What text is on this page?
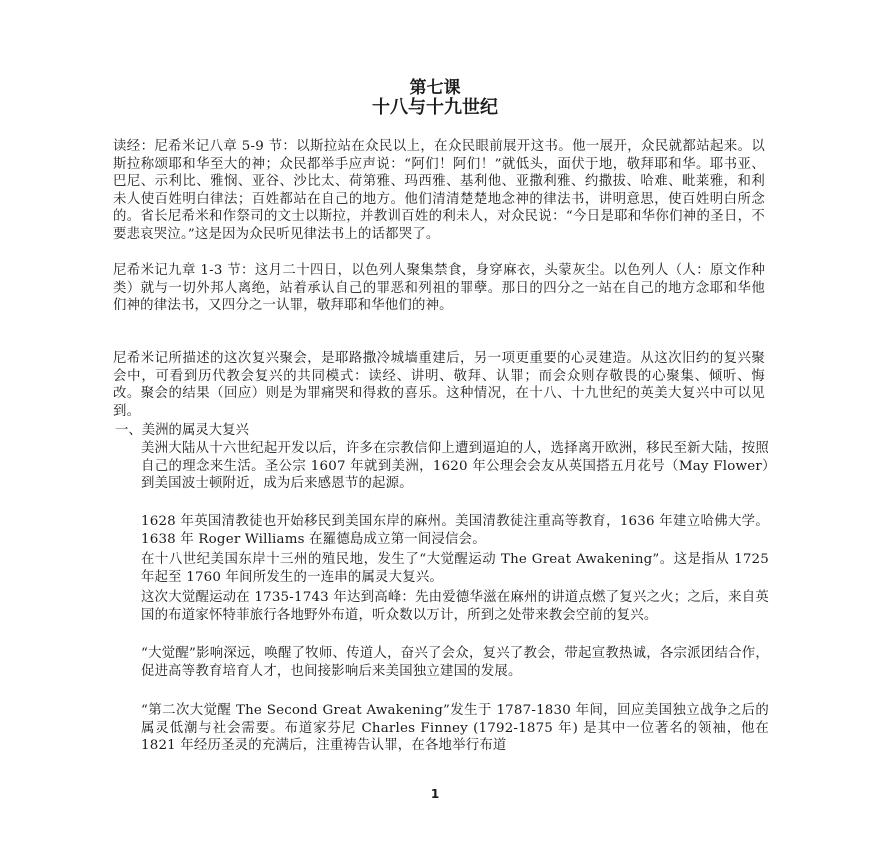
第七课
十八与十九世纪

读经：尼希米记八章 5-9 节：以斯拉站在众民以上，在众民眼前展开这书。他一展开，众民就都站起来。以斯拉称颂耶和华至大的神；众民都举手应声说：“阿们！阿们！”就低头，面伏于地，敬拜耶和华。耶书亚、巴尼、示利比、雅悯、亚谷、沙比太、荷第雅、玛西雅、基利他、亚撒利雅、约撒拔、哈难、毗莱雅，和利未人使百姓明白律法；百姓都站在自己的地方。他们清清楚楚地念神的律法书，讲明意思，使百姓明白所念的。省长尼希米和作祭司的文士以斯拉，并教训百姓的利未人，对众民说：“今日是耶和华你们神的圣日，不要悲哀哭泣。”这是因为众民听见律法书上的话都哭了。

尼希米记九章 1-3 节：这月二十四日，以色列人聚集禁食，身穿麻衣，头蒙灰尘。以色列人（人：原文作种类）就与一切外邦人离绝，站着承认自己的罪恶和列祖的罪孽。那日的四分之一站在自己的地方念耶和华他们神的律法书，又四分之一认罪，敬拜耶和华他们的神。

尼希米记所描述的这次复兴聚会，是耶路撒冷城墙重建后，另一项更重要的心灵建造。从这次旧约的复兴聚会中，可看到历代教会复兴的共同模式：读经、讲明、敬拜、认罪；而会众则存敬畏的心聚集、倾听、悔改。聚会的结果（回应）则是为罪痛哭和得救的喜乐。这种情况，在十八、十九世纪的英美大复兴中可以见到。

一、美洲的属灵大复兴

美洲大陆从十六世纪起开发以后，许多在宗教信仰上遭到逼迫的人，选择离开欧洲，移民至新大陆，按照自己的理念来生活。圣公宗 1607 年就到美洲，1620 年公理会会友从英国搭五月花号（May Flower）到美国波士顿附近，成为后来感恩节的起源。

1628 年英国清教徒也开始移民到美国东岸的麻州。美国清教徒注重高等教育，1636 年建立哈佛大学。1638 年 Roger Williams 在羅德島成立第一间浸信会。

在十八世纪美国东岸十三州的殖民地，发生了“大觉醒运动 The Great Awakening”。这是指从 1725 年起至 1760 年间所发生的一连串的属灵大复兴。

这次大觉醒运动在 1735-1743 年达到高峰：先由爱德华滋在麻州的讲道点燃了复兴之火；之后，来自英国的布道家怀特菲旅行各地野外布道，听众数以万计，所到之处带来教会空前的复兴。

“大觉醒”影响深远，唤醒了牧师、传道人，奋兴了会众，复兴了教会，带起宣教热诚，各宗派团结合作，促进高等教育培育人才，也间接影响后来美国独立建国的发展。

“第二次大觉醒 The Second Great Awakening”发生于 1787-1830 年间，回应美国独立战争之后的属灵低潮与社会需要。布道家芬尼 Charles Finney (1792-1875 年) 是其中一位著名的领袖，他在 1821 年经历圣灵的充满后，注重祷告认罪，在各地举行布道

1
